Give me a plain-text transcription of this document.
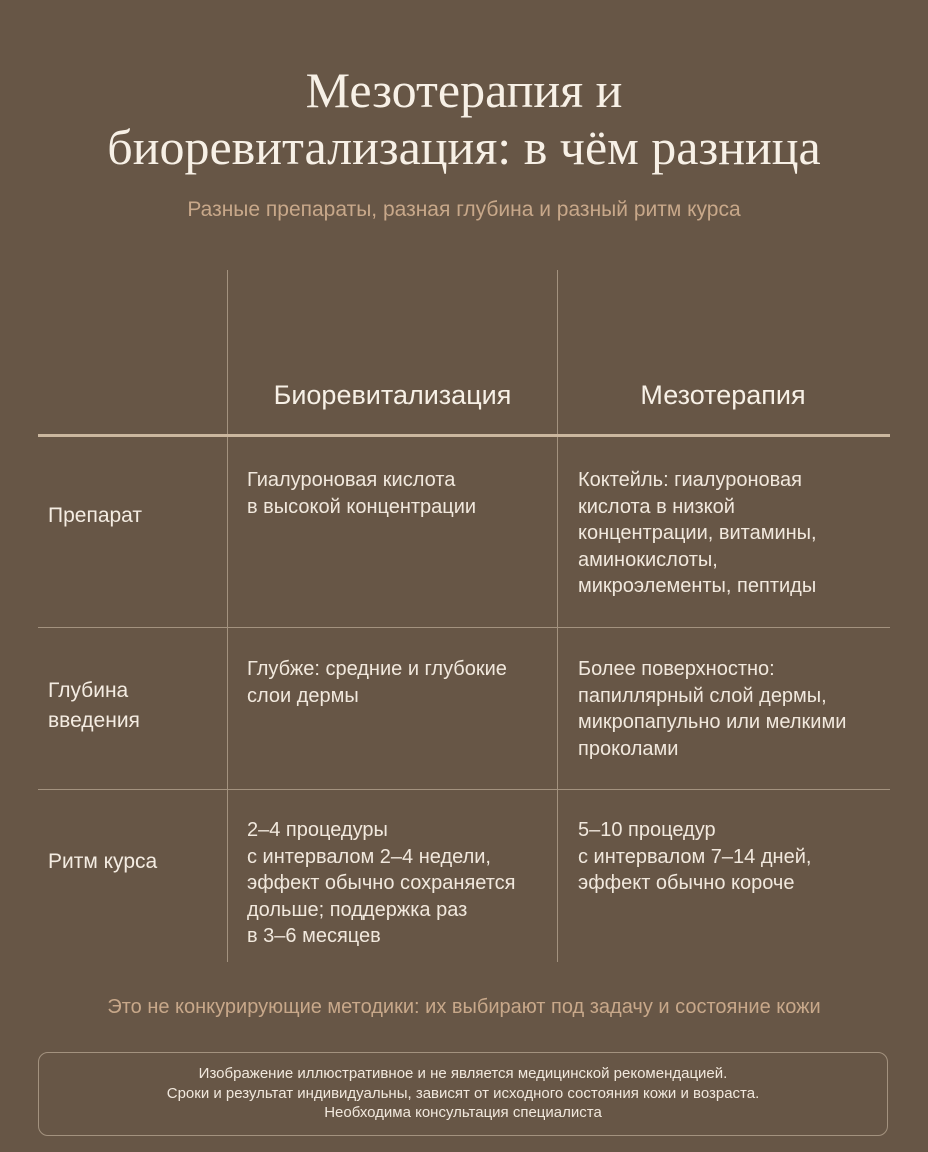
Мезотерапия и
биоревитализация: в чём разница
Разные препараты, разная глубина и разный ритм курса
Биоревитализация	Мезотерапия
Препарат
Гиалуроновая кислота
в высокой концентрации
Коктейль: гиалуроновая
кислота в низкой
концентрации, витамины,
аминокислоты,
микроэлементы, пептиды
Глубина
введения
Глубже: средние и глубокие
слои дермы
Более поверхностно:
папиллярный слой дермы,
микропапульно или мелкими
проколами
Ритм курса
2–4 процедуры
с интервалом 2–4 недели,
эффект обычно сохраняется
дольше; поддержка раз
в 3–6 месяцев
5–10 процедур
с интервалом 7–14 дней,
эффект обычно короче
Это не конкурирующие методики: их выбирают под задачу и состояние кожи
Изображение иллюстративное и не является медицинской рекомендацией.
Сроки и результат индивидуальны, зависят от исходного состояния кожи и возраста.
Необходима консультация специалиста
